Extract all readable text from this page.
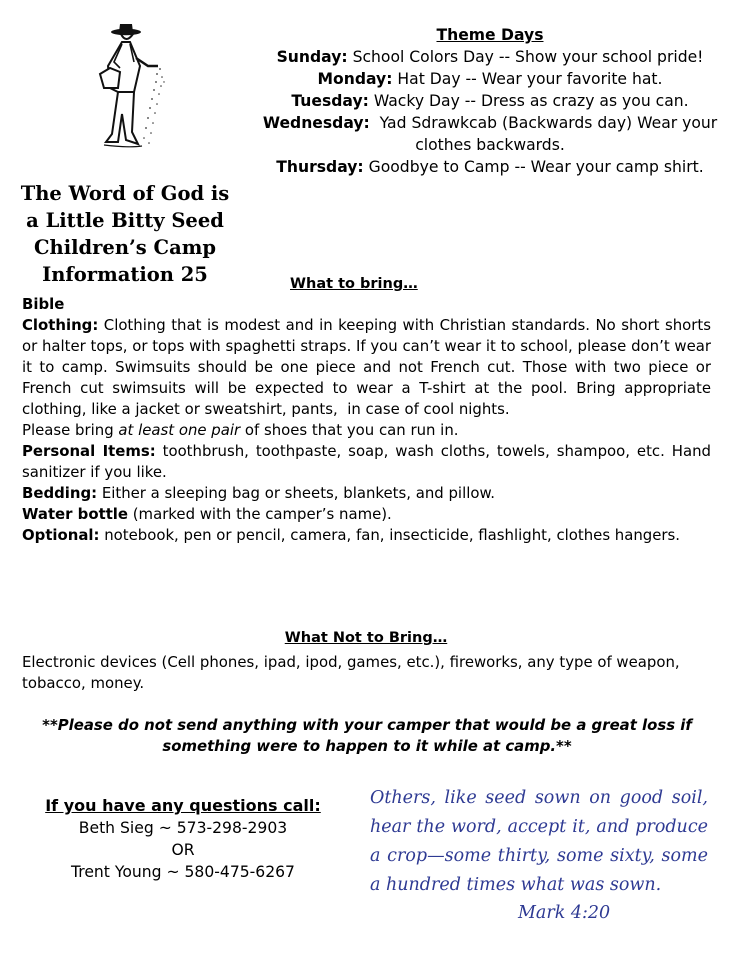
The Word of God is
a Little Bitty Seed
Children’s Camp
Information 25
Theme Days
Sunday: School Colors Day -- Show your school pride!
Monday: Hat Day -- Wear your favorite hat.
Tuesday: Wacky Day -- Dress as crazy as you can.
Wednesday:  Yad Sdrawkcab (Backwards day) Wear your clothes backwards.
Thursday: Goodbye to Camp -- Wear your camp shirt.
What to bring…

Bible

Clothing: Clothing that is modest and in keeping with Christian standards. No short shorts or halter tops, or tops with spaghetti straps. If you can’t wear it to school, please don’t wear it to camp. Swimsuits should be one piece and not French cut. Those with two piece or French cut swimsuits will be expected to wear a T-shirt at the pool. Bring appropriate clothing, like a jacket or sweatshirt, pants,  in case of cool nights.

Please bring at least one pair of shoes that you can run in.

Personal Items: toothbrush, toothpaste, soap, wash cloths, towels, shampoo, etc. Hand sanitizer if you like.

Bedding: Either a sleeping bag or sheets, blankets, and pillow.

Water bottle (marked with the camper’s name).

Optional: notebook, pen or pencil, camera, fan, insecticide, flashlight, clothes hangers.

What Not to Bring…
Electronic devices (Cell phones, ipad, ipod, games, etc.), fireworks, any type of weapon, tobacco, money.
**Please do not send anything with your camper that would be a great loss if something were to happen to it while at camp.**
If you have any questions call:
Beth Sieg ~ 573-298-2903
OR
Trent Young ~ 580-475-6267
Others, like seed sown on good soil, hear the word, accept it, and produce a crop—some thirty, some sixty, some a hundred times what was sown.
Mark 4:20
